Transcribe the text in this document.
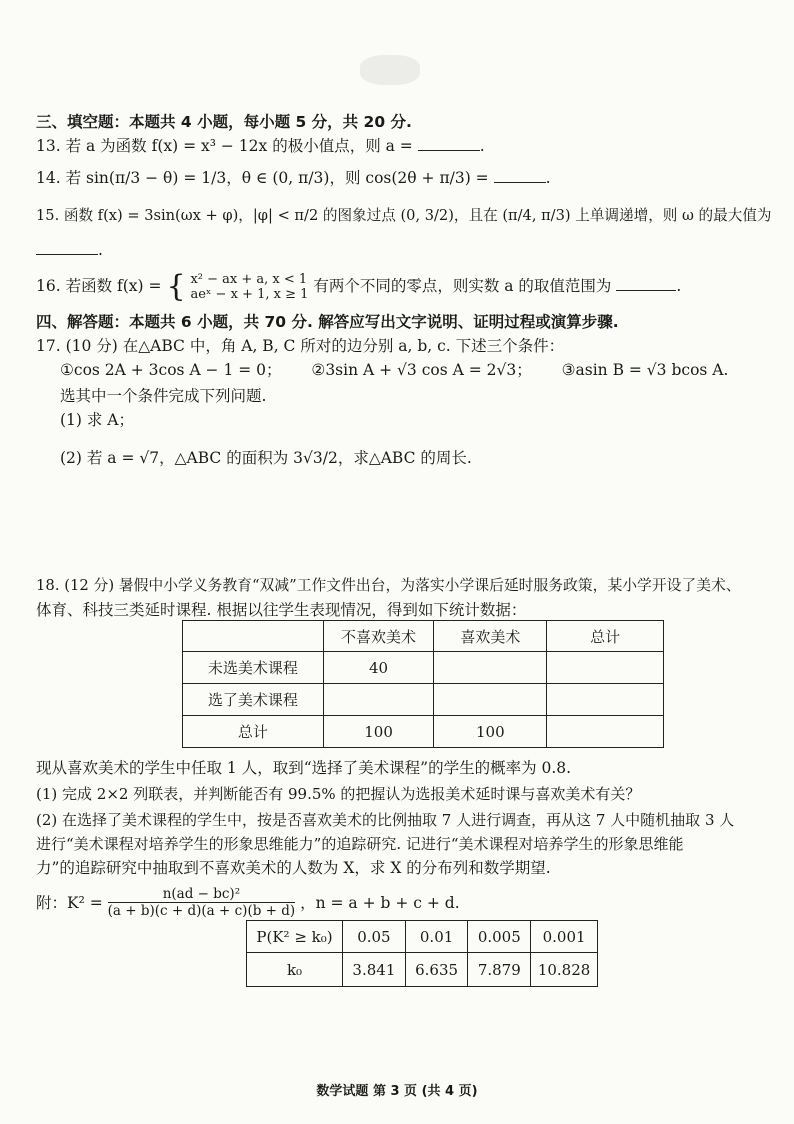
三、填空题：本题共 4 小题，每小题 5 分，共 20 分.
13. 若 a 为函数 f(x) = x³ − 12x 的极小值点，则 a =	.
14. 若 sin(π/3 − θ) = 1/3，θ ∈ (0, π/3)，则 cos(2θ + π/3) =	.
15. 函数 f(x) = 3sin(ωx + φ)，|φ| < π/2 的图象过点 (0, 3/2)，且在 (π/4, π/3) 上单调递增，则 ω 的最大值为
.
16. 若函数 f(x) = { x² − ax + a, x < 1
aeˣ − x + 1, x ≥ 1 有两个不同的零点，则实数 a 的取值范围为	.
四、解答题：本题共 6 小题，共 70 分. 解答应写出文字说明、证明过程或演算步骤.
17. (10 分) 在△ABC 中，角 A, B, C 所对的边分别 a, b, c. 下述三个条件：
①cos 2A + 3cos A − 1 = 0； ②3sin A + √3 cos A = 2√3； ③asin B = √3 bcos A.
选其中一个条件完成下列问题.
(1) 求 A；
(2) 若 a = √7，△ABC 的面积为 3√3/2，求△ABC 的周长.
18. (12 分) 暑假中小学义务教育“双减”工作文件出台，为落实小学课后延时服务政策，某小学开设了美术、
体育、科技三类延时课程. 根据以往学生表现情况，得到如下统计数据：
	不喜欢美术	喜欢美术	总计
未选美术课程	40		
选了美术课程			
总计	100	100	
现从喜欢美术的学生中任取 1 人，取到“选择了美术课程”的学生的概率为 0.8.
(1) 完成 2×2 列联表，并判断能否有 99.5% 的把握认为选报美术延时课与喜欢美术有关？
(2) 在选择了美术课程的学生中，按是否喜欢美术的比例抽取 7 人进行调查，再从这 7 人中随机抽取 3 人
进行“美术课程对培养学生的形象思维能力”的追踪研究. 记进行“美术课程对培养学生的形象思维能
力”的追踪研究中抽取到不喜欢美术的人数为 X，求 X 的分布列和数学期望.
附：$K^2 = \frac{\text{n(ad − bc)²}}{(a + b)(c + d)(a + c)(b + d)}$ ，n = a + b + c + d.
P(K² ≥ k₀)	0.05	0.01	0.005	0.001
k₀	3.841	6.635	7.879	10.828
数学试题 第 3 页 (共 4 页)
